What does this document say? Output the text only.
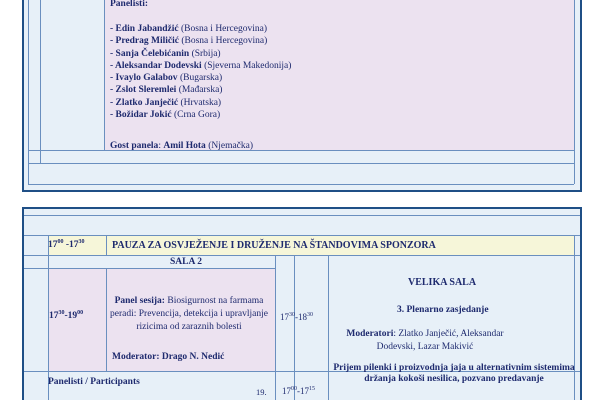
Panelisti:
- Edin Jabandžić (Bosna i Hercegovina)
- Predrag Miličić (Bosna i Hercegovina)
- Sanja Čelebićanin (Srbija)
- Aleksandar Dodevski (Sjeverna Makedonija)
- Ivaylo Galabov (Bugarska)
- Zslot Sleremlei (Mađarska)
- Zlatko Janječić (Hrvatska)
- Božidar Jokić (Crna Gora)
Gost panela: Amil Hota (Njemačka)
$17^{00}$ $-17^{30}$	PAUZA ZA OSVJEŽENJE I DRUŽENJE NA ŠTANDOVIMA SPONZORA
SALA 2
$17^{30}-19^{00}$
Panel sesija: Biosigurnost na farmama peradi: Prevencija, detekcija i upravljanje rizicima od zaraznih bolesti
Moderator: Drago N. Nedić
Panelisti / Participants
19.
$17^{30}-18^{30}$
VELIKA SALA
3. Plenarno zasjedanje
Moderatori: Zlatko Janječić, Aleksandar Dodevski, Lazar Makivić
$17^{00}-17^{15}$
Prijem pilenki i proizvodnja jaja u alternativnim sistemima držanja kokoši nesilica, pozvano predavanje
